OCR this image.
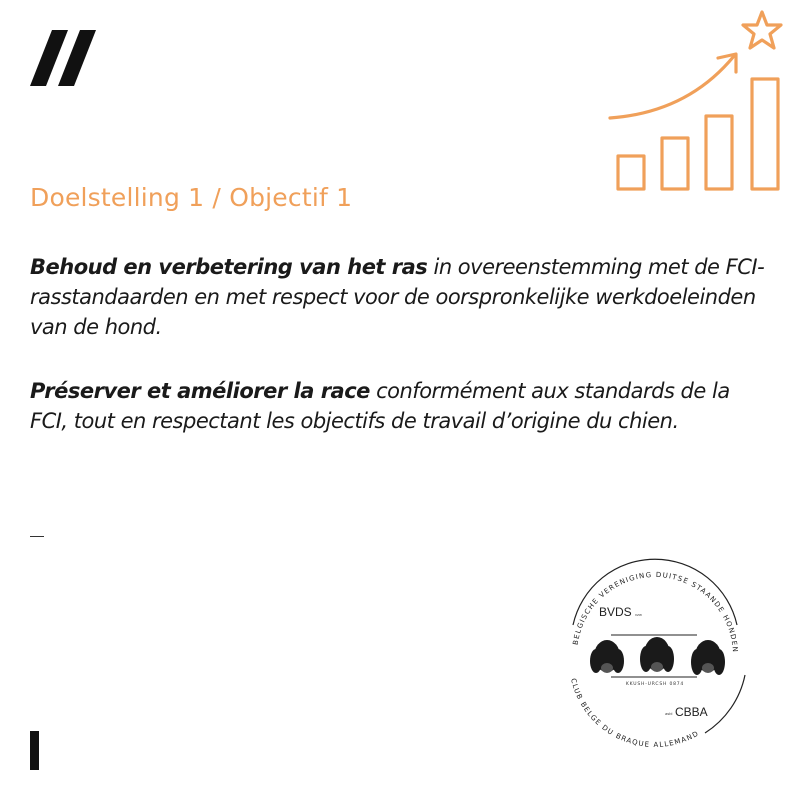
Doelstelling 1 / Objectif 1

Behoud en verbetering van het ras in overeenstemming met de FCI-rasstandaarden en met respect voor de oorspronkelijke werkdoeleinden van de hond.

Préserver et améliorer la race conformément aux standards de la FCI, tout en respectant les objectifs de travail d’origine du chien.

BELGISCHE VERENIGING DUITSE STAANDE HONDEN
CLUB BELGE DU BRAQUE ALLEMAND
BVDS vzw
KKUSH-URCSH 0874
asbl CBBA
